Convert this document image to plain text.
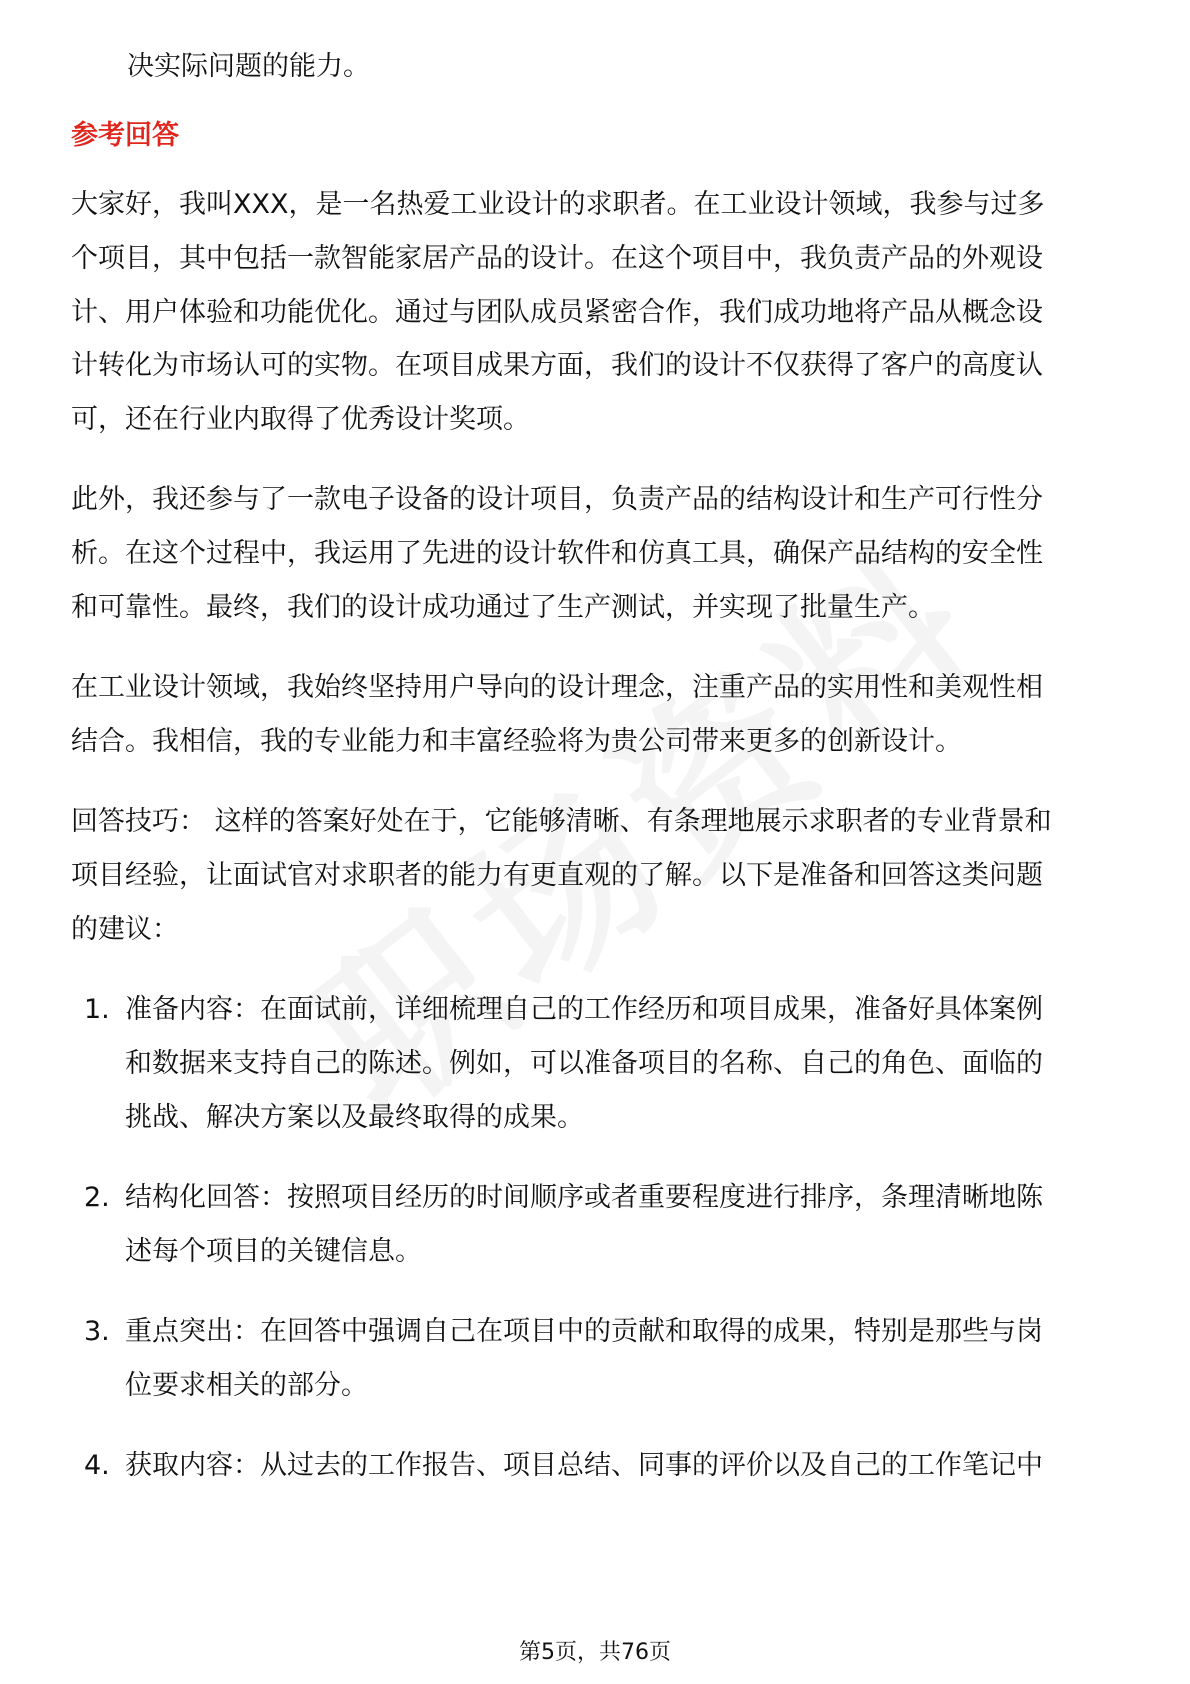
决实际问题的能力。
参考回答
大家好，我叫XXX，是一名热爱工业设计的求职者。在工业设计领域，我参与过多
个项目，其中包括一款智能家居产品的设计。在这个项目中，我负责产品的外观设
计、用户体验和功能优化。通过与团队成员紧密合作，我们成功地将产品从概念设
计转化为市场认可的实物。在项目成果方面，我们的设计不仅获得了客户的高度认
可，还在行业内取得了优秀设计奖项。
此外，我还参与了一款电子设备的设计项目，负责产品的结构设计和生产可行性分
析。在这个过程中，我运用了先进的设计软件和仿真工具，确保产品结构的安全性
和可靠性。最终，我们的设计成功通过了生产测试，并实现了批量生产。
在工业设计领域，我始终坚持用户导向的设计理念，注重产品的实用性和美观性相
结合。我相信，我的专业能力和丰富经验将为贵公司带来更多的创新设计。
回答技巧： 这样的答案好处在于，它能够清晰、有条理地展示求职者的专业背景和
项目经验，让面试官对求职者的能力有更直观的了解。以下是准备和回答这类问题
的建议：
1. 准备内容：在面试前，详细梳理自己的工作经历和项目成果，准备好具体案例
和数据来支持自己的陈述。例如，可以准备项目的名称、自己的角色、面临的
挑战、解决方案以及最终取得的成果。
2. 结构化回答：按照项目经历的时间顺序或者重要程度进行排序，条理清晰地陈
述每个项目的关键信息。
3. 重点突出：在回答中强调自己在项目中的贡献和取得的成果，特别是那些与岗
位要求相关的部分。
4. 获取内容：从过去的工作报告、项目总结、同事的评价以及自己的工作笔记中
第5页，共76页
